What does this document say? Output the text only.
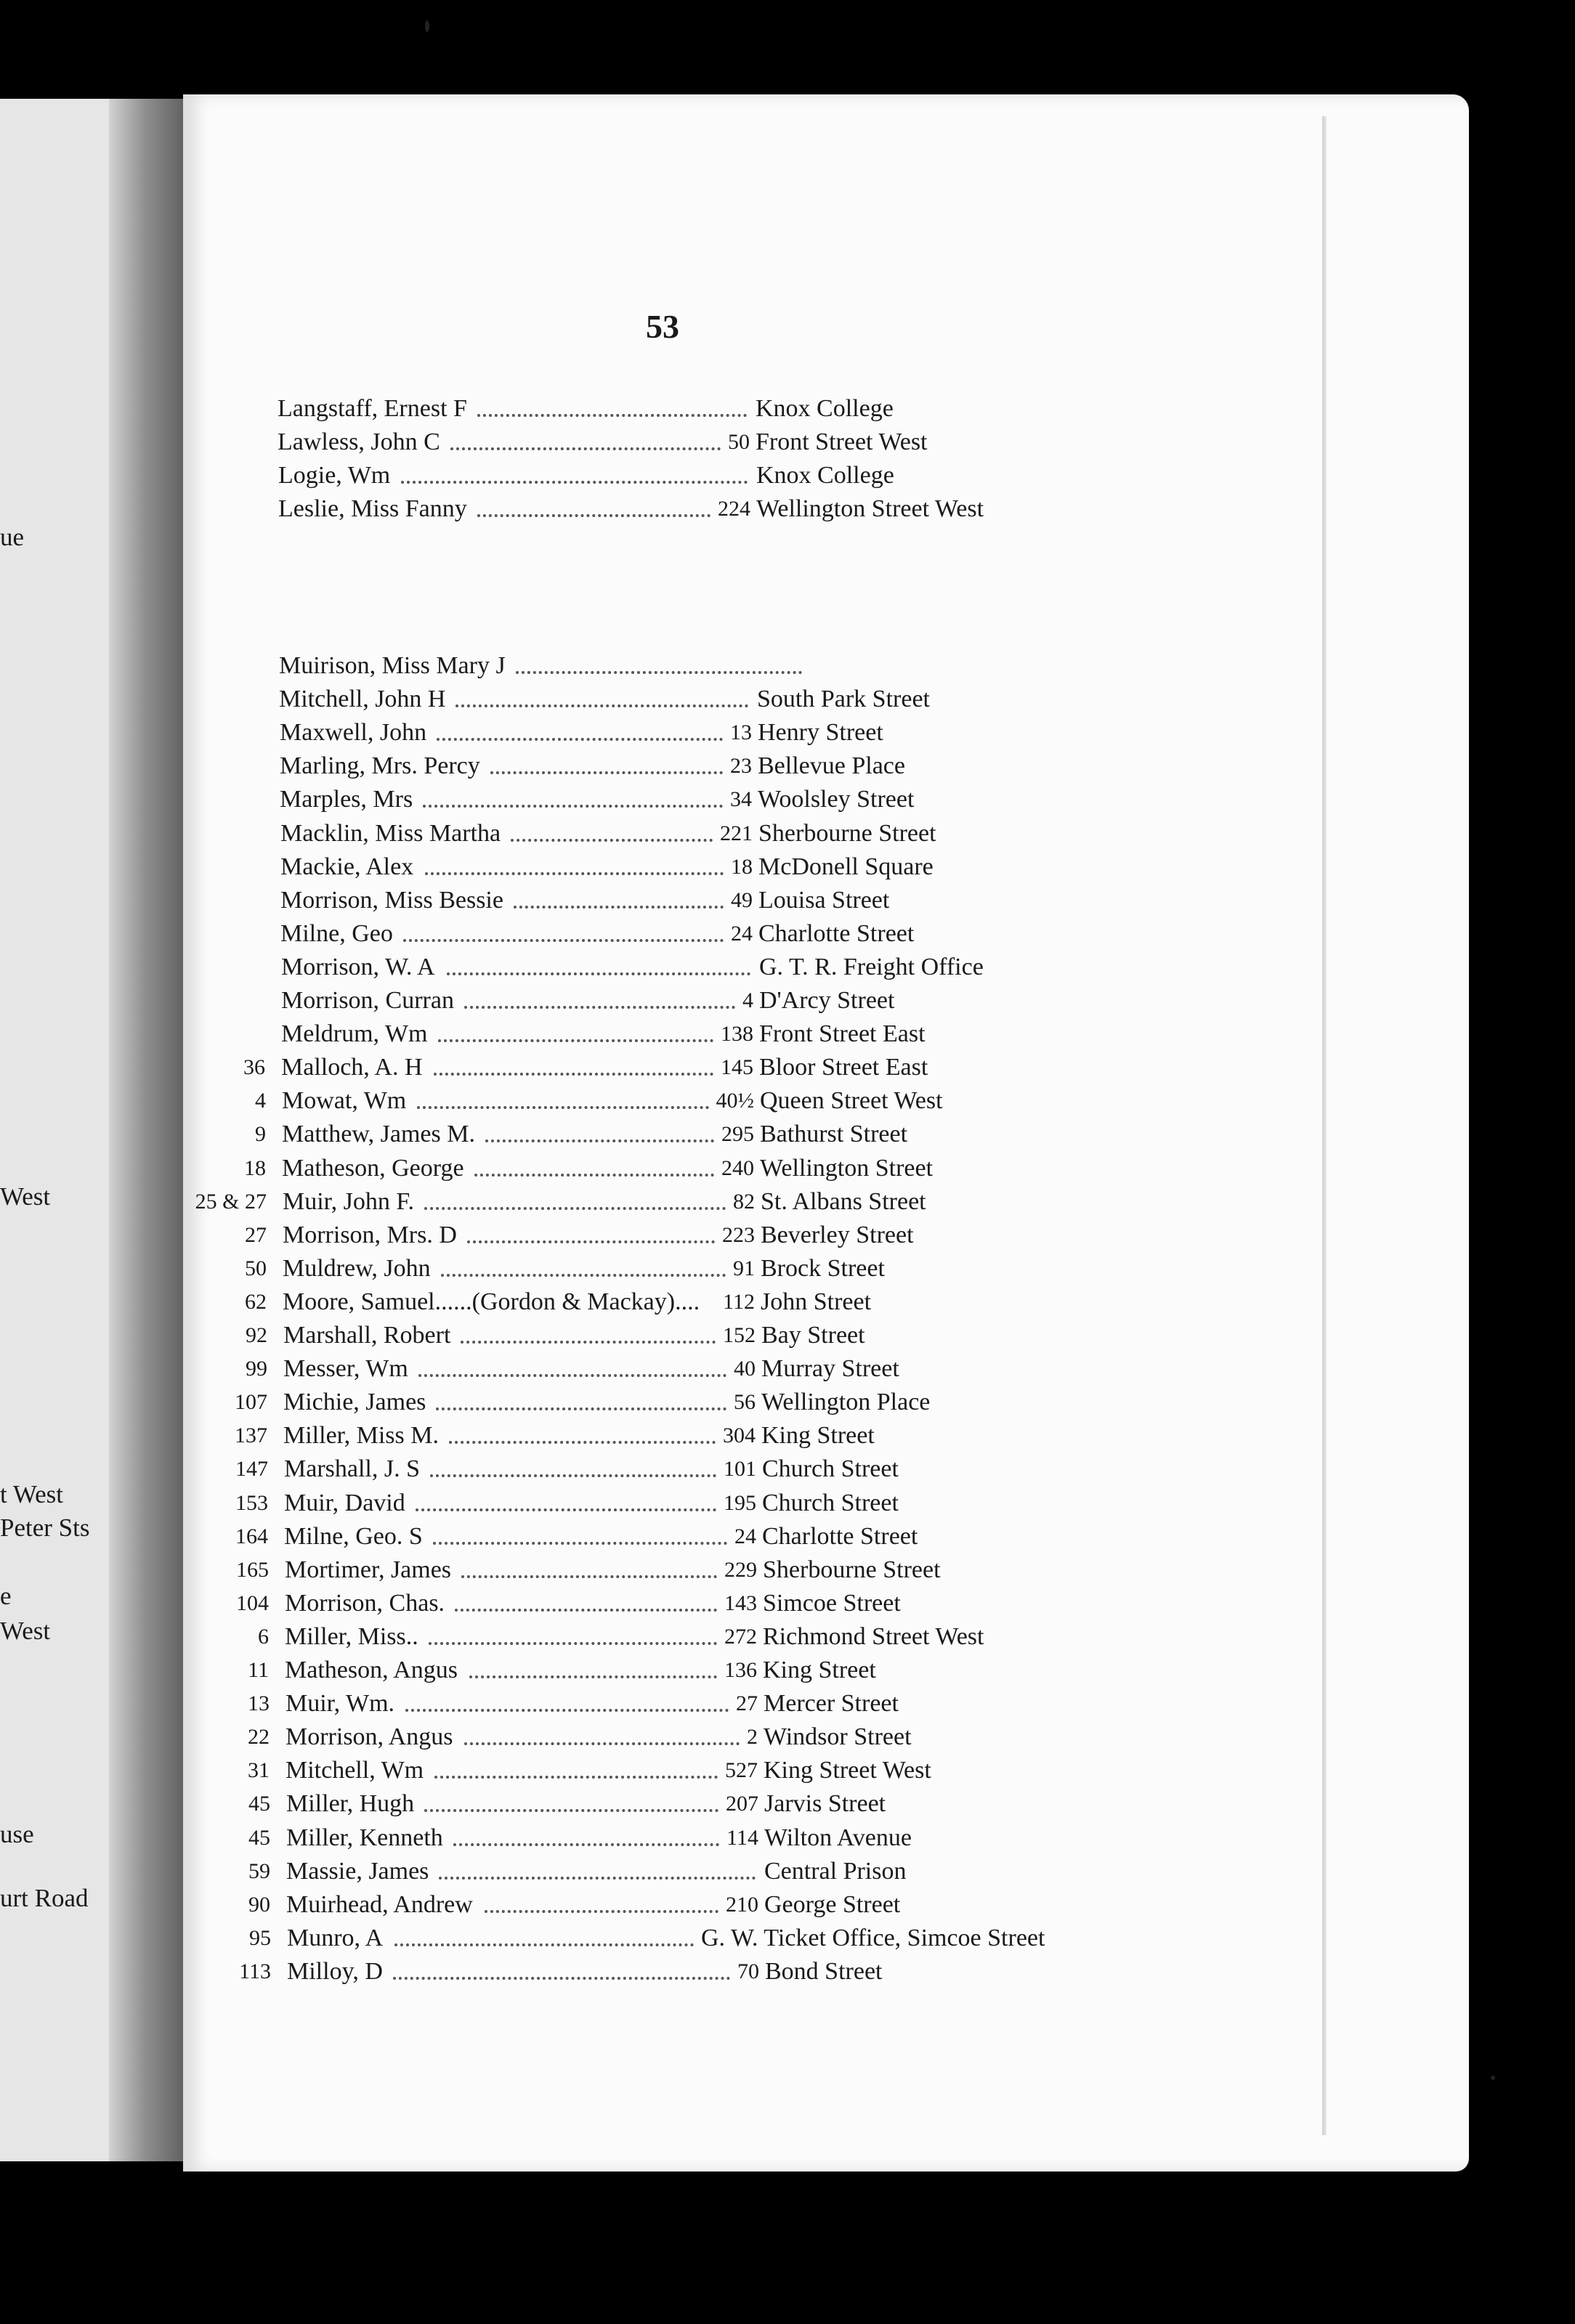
ue
West
t West
Peter Sts
e
West
use
urt Road
53
Langstaff, Ernest F	Knox College
Lawless, John C	50 Front Street West
Logie, Wm	Knox College
Leslie, Miss Fanny	224 Wellington Street West
Muirison, Miss Mary J
Mitchell, John H	South Park Street
Maxwell, John	13 Henry Street
Marling, Mrs. Percy	23 Bellevue Place
Marples, Mrs	34 Woolsley Street
Macklin, Miss Martha	221 Sherbourne Street
Mackie, Alex	18 McDonell Square
Morrison, Miss Bessie	49 Louisa Street
Milne, Geo	24 Charlotte Street
Morrison, W. A	G. T. R. Freight Office
Morrison, Curran	4 D'Arcy Street
Meldrum, Wm	138 Front Street East
36 Malloch, A. H	145 Bloor Street East
4 Mowat, Wm	40½ Queen Street West
9 Matthew, James M.	295 Bathurst Street
18 Matheson, George	240 Wellington Street
25 & 27 Muir, John F.	82 St. Albans Street
27 Morrison, Mrs. D	223 Beverley Street
50 Muldrew, John	91 Brock Street
62 Moore, Samuel......(Gordon & Mackay)....	112 John Street
92 Marshall, Robert	152 Bay Street
99 Messer, Wm	40 Murray Street
107 Michie, James	56 Wellington Place
137 Miller, Miss M.	304 King Street
147 Marshall, J. S	101 Church Street
153 Muir, David	195 Church Street
164 Milne, Geo. S	24 Charlotte Street
165 Mortimer, James	229 Sherbourne Street
104 Morrison, Chas.	143 Simcoe Street
6 Miller, Miss..	272 Richmond Street West
11 Matheson, Angus	136 King Street
13 Muir, Wm.	27 Mercer Street
22 Morrison, Angus	2 Windsor Street
31 Mitchell, Wm	527 King Street West
45 Miller, Hugh	207 Jarvis Street
45 Miller, Kenneth	114 Wilton Avenue
59 Massie, James	Central Prison
90 Muirhead, Andrew	210 George Street
95 Munro, A	G. W. Ticket Office, Simcoe Street
113 Milloy, D	70 Bond Street
